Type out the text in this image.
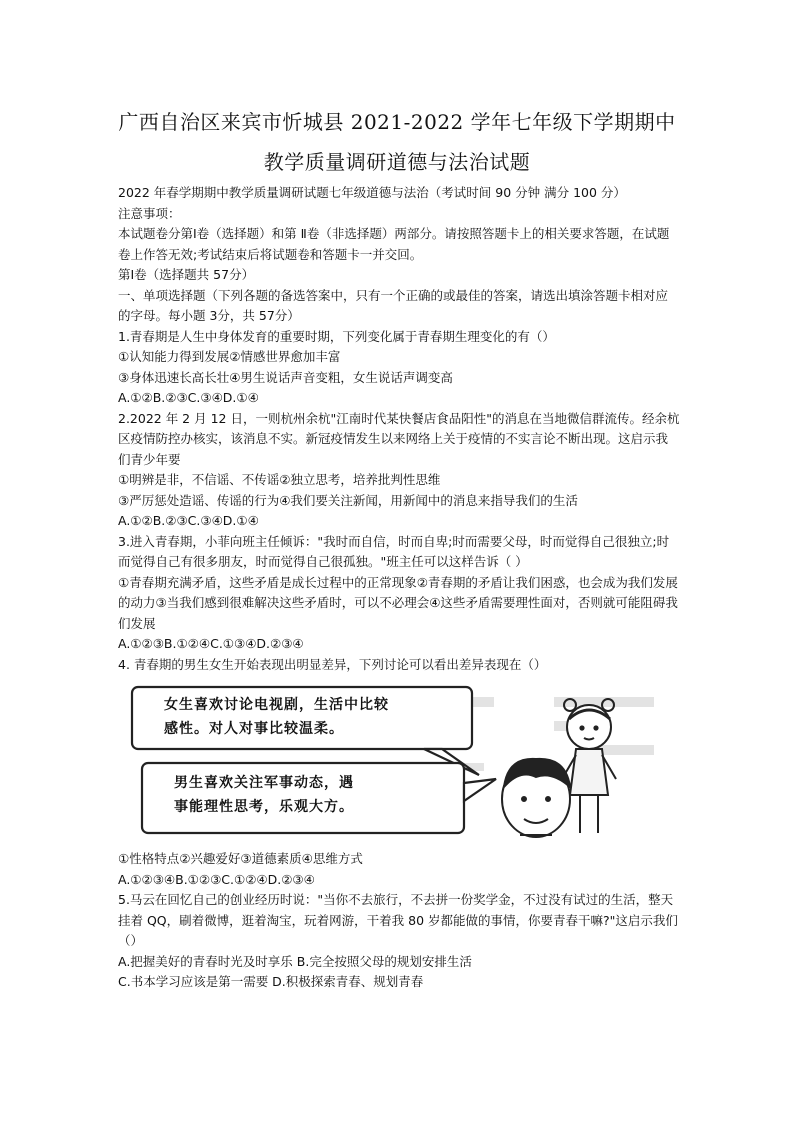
广西自治区来宾市忻城县 2021-2022 学年七年级下学期期中
教学质量调研道德与法治试题

2022 年春学期期中教学质量调研试题七年级道德与法治（考试时间 90 分钟 满分 100 分）

注意事项：

本试题卷分第Ⅰ卷（选择题）和第 Ⅱ卷（非选择题）两部分。请按照答题卡上的相关要求答题，在试题卷上作答无效;考试结束后将试题卷和答题卡一并交回。

第Ⅰ卷（选择题共 57分）

一、单项选择题（下列各题的备选答案中，只有一个正确的或最佳的答案，请选出填涂答题卡相对应的字母。每小题 3分，共 57分）

1.青春期是人生中身体发育的重要时期，下列变化属于青春期生理变化的有（）

①认知能力得到发展②情感世界愈加丰富

③身体迅速长高长壮④男生说话声音变粗，女生说话声调变高

A.①②B.②③C.③④D.①④

2.2022 年 2 月 12 日，一则杭州余杭"江南时代某快餐店食品阳性"的消息在当地微信群流传。经余杭区疫情防控办核实，该消息不实。新冠疫情发生以来网络上关于疫情的不实言论不断出现。这启示我们青少年要

①明辨是非，不信谣、不传谣②独立思考，培养批判性思维

③严厉惩处造谣、传谣的行为④我们要关注新闻，用新闻中的消息来指导我们的生活

A.①②B.②③C.③④D.①④

3.进入青春期，小菲向班主任倾诉："我时而自信，时而自卑;时而需要父母，时而觉得自己很独立;时而觉得自己有很多朋友，时而觉得自己很孤独。"班主任可以这样告诉（ ）

①青春期充满矛盾，这些矛盾是成长过程中的正常现象②青春期的矛盾让我们困惑，也会成为我们发展的动力③当我们感到很难解决这些矛盾时，可以不必理会④这些矛盾需要理性面对，否则就可能阻碍我们发展

A.①②③B.①②④C.①③④D.②③④

4. 青春期的男生女生开始表现出明显差异，下列讨论可以看出差异表现在（）

女生喜欢讨论电视剧，生活中比较
感性。对人对事比较温柔。
男生喜欢关注军事动态，遇
事能理性思考，乐观大方。

①性格特点②兴趣爱好③道德素质④思维方式

A.①②③④B.①②③C.①②④D.②③④

5.马云在回忆自己的创业经历时说："当你不去旅行，不去拼一份奖学金，不过没有试过的生活，整天挂着 QQ，刷着微博，逛着淘宝，玩着网游，干着我 80 岁都能做的事情，你要青春干嘛?"这启示我们（）

A.把握美好的青春时光及时享乐 B.完全按照父母的规划安排生活

C.书本学习应该是第一需要 D.积极探索青春、规划青春
